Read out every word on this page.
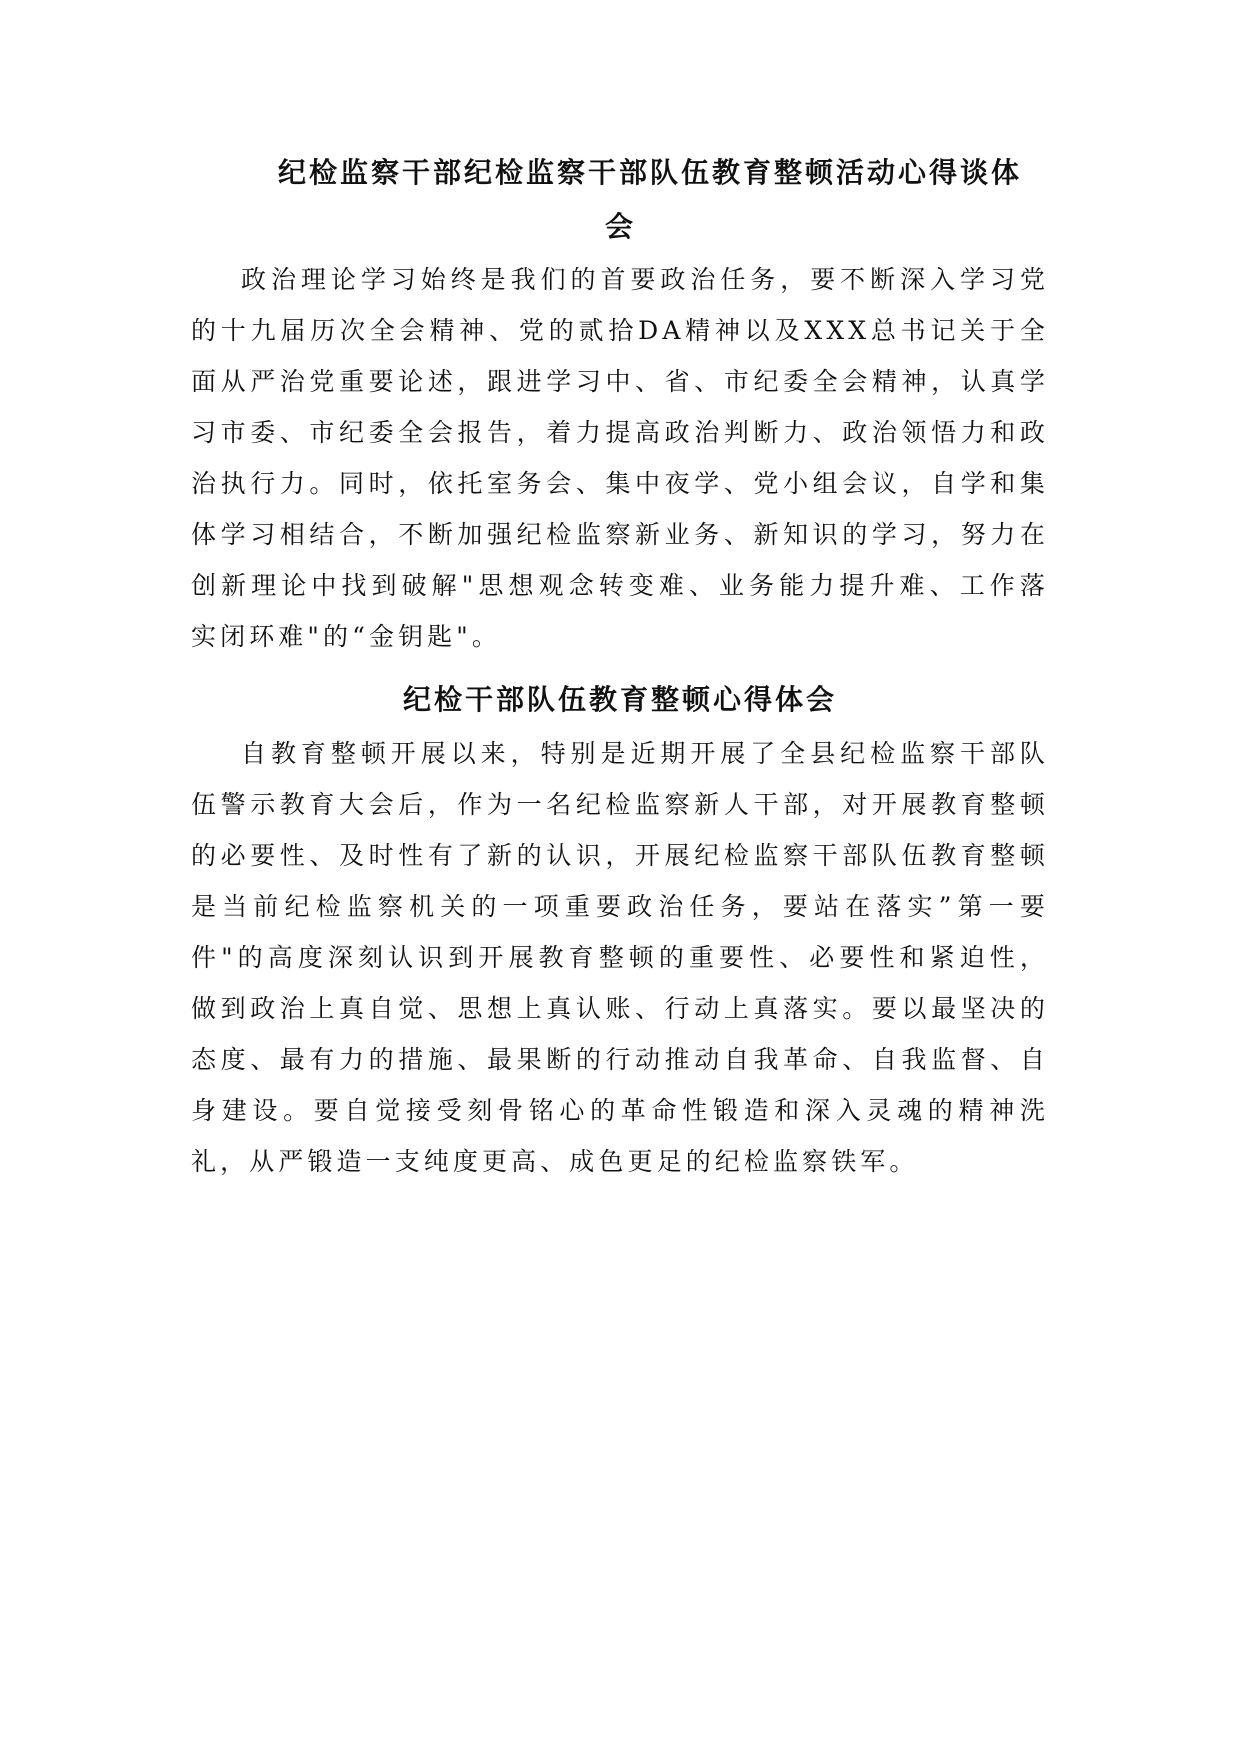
纪检监察干部纪检监察干部队伍教育整顿活动心得谈体
会

政治理论学习始终是我们的首要政治任务，要不断深入学习党的十九届历次全会精神、党的贰拾DA精神以及XXX总书记关于全面从严治党重要论述，跟进学习中、省、市纪委全会精神，认真学习市委、市纪委全会报告，着力提高政治判断力、政治领悟力和政治执行力。同时，依托室务会、集中夜学、党小组会议，自学和集体学习相结合，不断加强纪检监察新业务、新知识的学习，努力在创新理论中找到破解"思想观念转变难、业务能力提升难、工作落实闭环难"的“金钥匙"。

纪检干部队伍教育整顿心得体会

自教育整顿开展以来，特别是近期开展了全县纪检监察干部队伍警示教育大会后，作为一名纪检监察新人干部，对开展教育整顿的必要性、及时性有了新的认识，开展纪检监察干部队伍教育整顿是当前纪检监察机关的一项重要政治任务，要站在落实”第一要件"的高度深刻认识到开展教育整顿的重要性、必要性和紧迫性，做到政治上真自觉、思想上真认账、行动上真落实。要以最坚决的态度、最有力的措施、最果断的行动推动自我革命、自我监督、自身建设。要自觉接受刻骨铭心的革命性锻造和深入灵魂的精神洗礼，从严锻造一支纯度更高、成色更足的纪检监察铁军。
